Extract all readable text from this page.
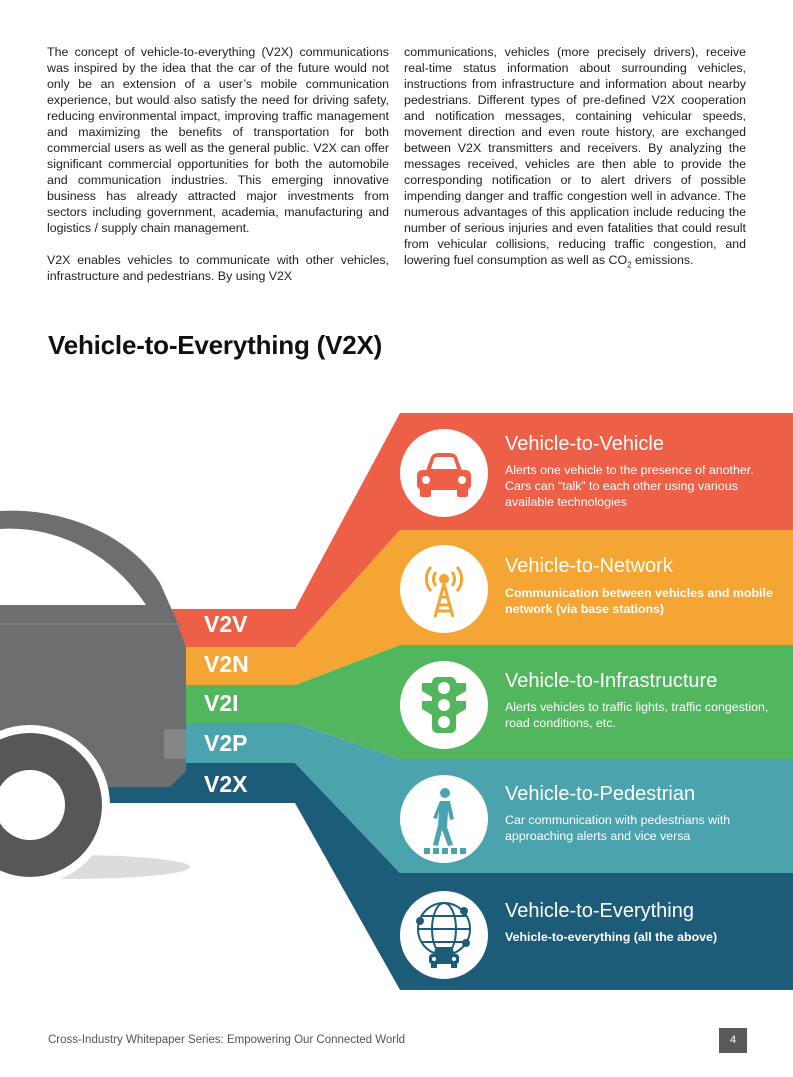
The concept of vehicle-to-everything (V2X) communications was inspired by the idea that the car of the future would not only be an extension of a user’s mobile communication experience, but would also satisfy the need for driving safety, reducing environmental impact, improving traffic management and maximizing the benefits of transportation for both commercial users as well as the general public. V2X can offer significant commercial opportunities for both the automobile and communication industries. This emerging innovative business has already attracted major investments from sectors including government, academia, manufacturing and logistics / supply chain management.

V2X enables vehicles to communicate with other vehicles, infrastructure and pedestrians. By using V2X

communications, vehicles (more precisely drivers), receive real-time status information about surrounding vehicles, instructions from infrastructure and information about nearby pedestrians. Different types of pre-defined V2X cooperation and notification messages, containing vehicular speeds, movement direction and even route history, are exchanged between V2X transmitters and receivers. By analyzing the messages received, vehicles are then able to provide the corresponding notification or to alert drivers of possible impending danger and traffic congestion well in advance. The numerous advantages of this application include reducing the number of serious injuries and even fatalities that could result from vehicular collisions, reducing traffic congestion, and lowering fuel consumption as well as $CO_2$ emissions.

Vehicle-to-Everything (V2X)
V2V
V2N
V2I
V2P
V2X
Vehicle-to-Vehicle
Alerts one vehicle to the presence of another. Cars can “talk” to each other using various available technologies
Vehicle-to-Network
Communication between vehicles and mobile network (via base stations)
Vehicle-to-Infrastructure
Alerts vehicles to traffic lights, traffic congestion, road conditions, etc.
Vehicle-to-Pedestrian
Car communication with pedestrians with approaching alerts and vice versa
Vehicle-to-Everything
Vehicle-to-everything (all the above)
Cross-Industry Whitepaper Series: Empowering Our Connected World	4
